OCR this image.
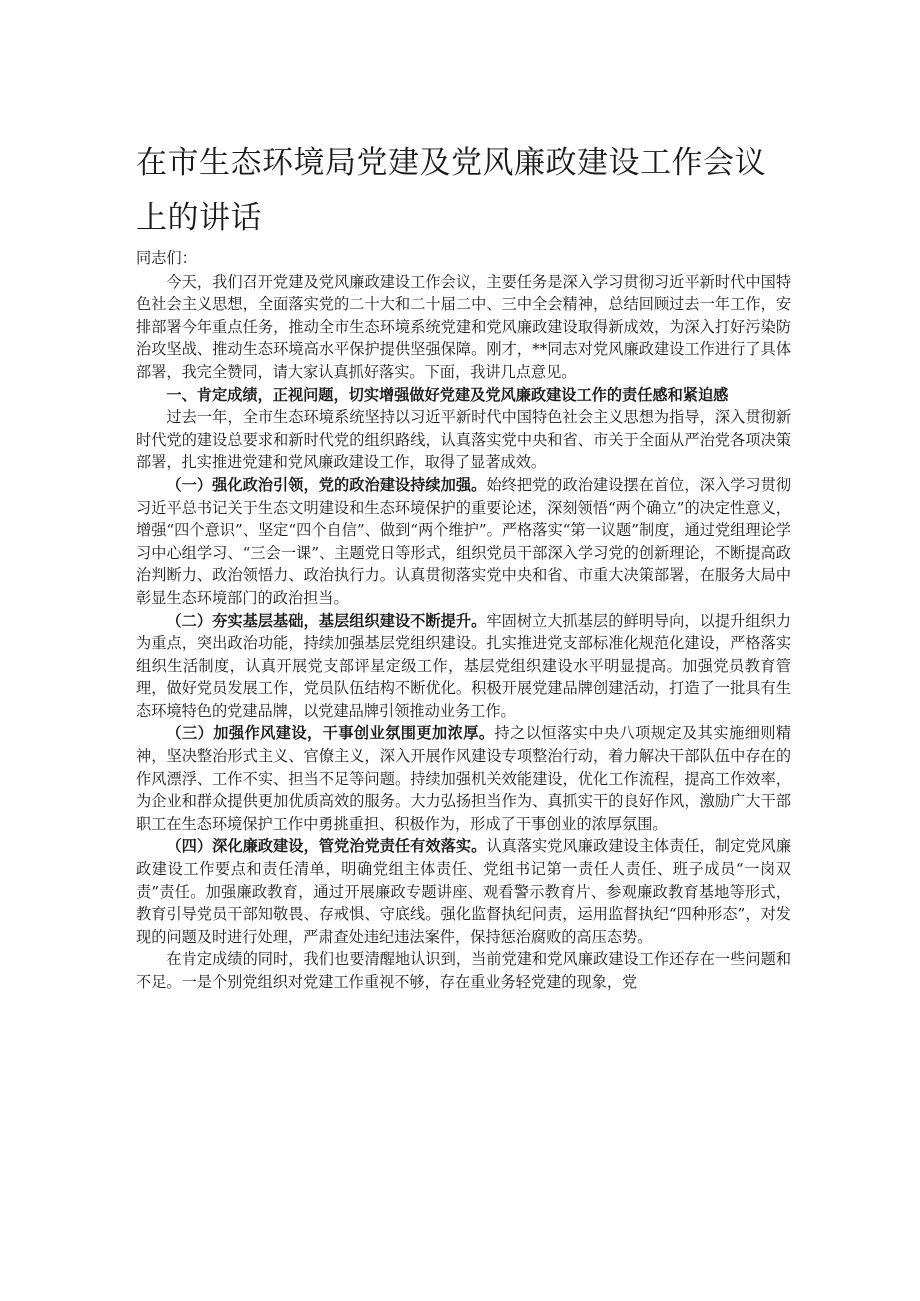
在市生态环境局党建及党风廉政建设工作会议上的讲话

同志们：

今天，我们召开党建及党风廉政建设工作会议，主要任务是深入学习贯彻习近平新时代中国特色社会主义思想，全面落实党的二十大和二十届二中、三中全会精神，总结回顾过去一年工作，安排部署今年重点任务，推动全市生态环境系统党建和党风廉政建设取得新成效，为深入打好污染防治攻坚战、推动生态环境高水平保护提供坚强保障。刚才，**同志对党风廉政建设工作进行了具体部署，我完全赞同，请大家认真抓好落实。下面，我讲几点意见。

一、肯定成绩，正视问题，切实增强做好党建及党风廉政建设工作的责任感和紧迫感

过去一年，全市生态环境系统坚持以习近平新时代中国特色社会主义思想为指导，深入贯彻新时代党的建设总要求和新时代党的组织路线，认真落实党中央和省、市关于全面从严治党各项决策部署，扎实推进党建和党风廉政建设工作，取得了显著成效。

（一）强化政治引领，党的政治建设持续加强。始终把党的政治建设摆在首位，深入学习贯彻习近平总书记关于生态文明建设和生态环境保护的重要论述，深刻领悟“两个确立”的决定性意义，增强“四个意识”、坚定“四个自信”、做到“两个维护”。严格落实“第一议题”制度，通过党组理论学习中心组学习、“三会一课”、主题党日等形式，组织党员干部深入学习党的创新理论，不断提高政治判断力、政治领悟力、政治执行力。认真贯彻落实党中央和省、市重大决策部署，在服务大局中彰显生态环境部门的政治担当。

（二）夯实基层基础，基层组织建设不断提升。牢固树立大抓基层的鲜明导向，以提升组织力为重点，突出政治功能，持续加强基层党组织建设。扎实推进党支部标准化规范化建设，严格落实组织生活制度，认真开展党支部评星定级工作，基层党组织建设水平明显提高。加强党员教育管理，做好党员发展工作，党员队伍结构不断优化。积极开展党建品牌创建活动，打造了一批具有生态环境特色的党建品牌，以党建品牌引领推动业务工作。

（三）加强作风建设，干事创业氛围更加浓厚。持之以恒落实中央八项规定及其实施细则精神，坚决整治形式主义、官僚主义，深入开展作风建设专项整治行动，着力解决干部队伍中存在的作风漂浮、工作不实、担当不足等问题。持续加强机关效能建设，优化工作流程，提高工作效率，为企业和群众提供更加优质高效的服务。大力弘扬担当作为、真抓实干的良好作风，激励广大干部职工在生态环境保护工作中勇挑重担、积极作为，形成了干事创业的浓厚氛围。

（四）深化廉政建设，管党治党责任有效落实。认真落实党风廉政建设主体责任，制定党风廉政建设工作要点和责任清单，明确党组主体责任、党组书记第一责任人责任、班子成员“一岗双责”责任。加强廉政教育，通过开展廉政专题讲座、观看警示教育片、参观廉政教育基地等形式，教育引导党员干部知敬畏、存戒惧、守底线。强化监督执纪问责，运用监督执纪“四种形态”，对发现的问题及时进行处理，严肃查处违纪违法案件，保持惩治腐败的高压态势。

在肯定成绩的同时，我们也要清醒地认识到，当前党建和党风廉政建设工作还存在一些问题和不足。一是个别党组织对党建工作重视不够，存在重业务轻党建的现象，党
